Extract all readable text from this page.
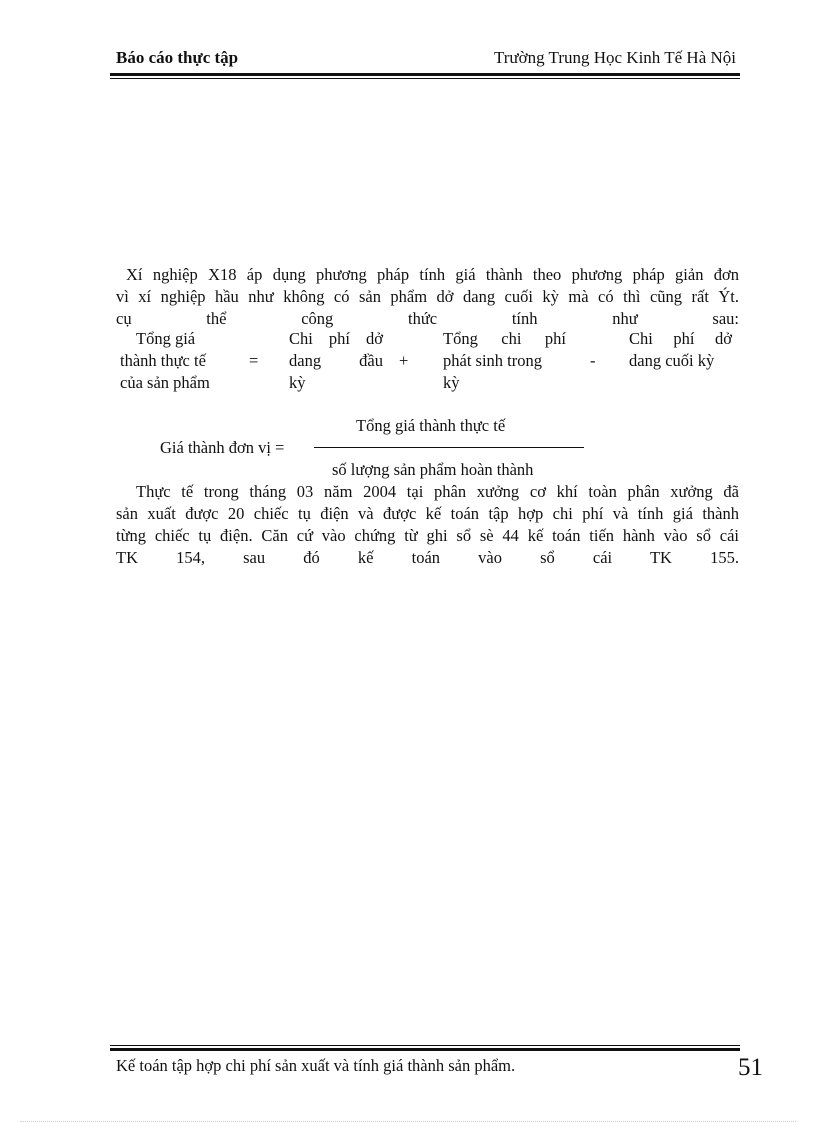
Báo cáo thực tập	Trường Trung Học Kinh Tế Hà Nội
Xí nghiệp X18 áp dụng phương pháp tính giá thành theo phương pháp giản đơn
vì xí nghiệp hầu như không có sản phẩm dở dang cuối kỳ mà có thì cũng rất Ýt.
cụ thể công thức tính như sau:
Tổng giá
thành thực tế
của sản phẩm
=
Chi phí dở
dang đầu
kỳ
+
Tổng chi phí
phát sinh trong
kỳ
-
Chi phí dở
dang cuối kỳ
Tổng giá thành thực tế
Giá thành đơn vị =
số lượng sản phẩm hoàn thành
Thực tế trong tháng 03 năm 2004 tại phân xưởng cơ khí toàn phân xưởng đã
sản xuất được 20 chiếc tụ điện và được kế toán tập hợp chi phí và tính giá thành
từng chiếc tụ điện. Căn cứ vào chứng từ ghi sổ sè 44 kế toán tiến hành vào sổ cái
TK 154, sau đó kế toán vào sổ cái TK 155.
Kế toán tập hợp chi phí sản xuất và tính giá thành sản phẩm.	51
